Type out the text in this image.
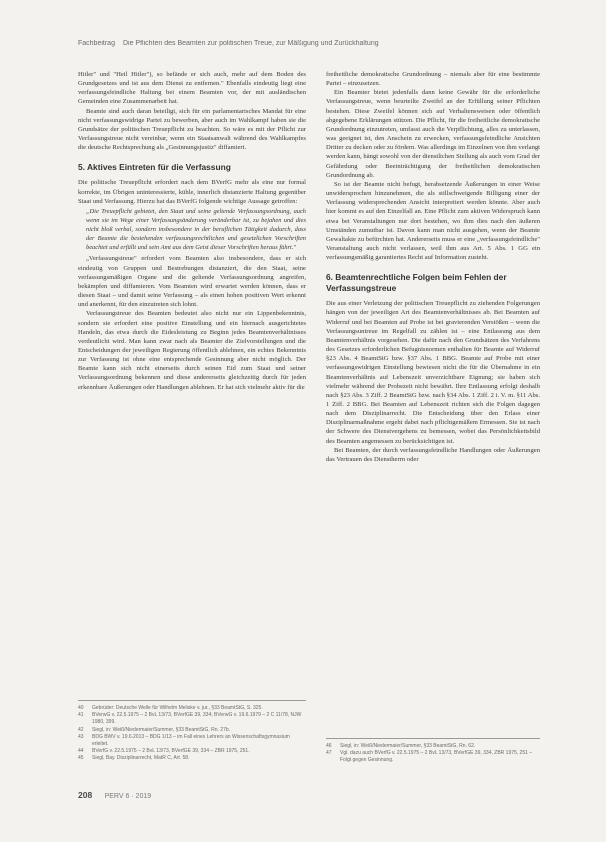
Fachbeitrag Die Pflichten des Beamten zur politischen Treue, zur Mäßigung und Zurückhaltung

Hitler" und "Heil Hitler"), so befände er sich auch, mehr auf dem Boden des Grundgesetzes und ist aus dem Dienst zu entfernen." Ebenfalls eindeutig liegt eine verfassungsfeindliche Haltung bei einem Beamten vor, der mit ausländischen Gemeinden eine Zusammenarbeit hat.

Beamte sind auch daran beteiligt, sich für ein parlamentarisches Mandat für eine nicht verfassungswidrige Partei zu bewerben, aber auch im Wahlkampf haben sie die Grundsätze der politischen Treuepflicht zu beachten. So wäre es mit der Pflicht zur Verfassungstreue nicht vereinbar, wenn ein Staatsanwalt während des Wahlkampfes die deutsche Rechtsprechung als „Gesinnungsjustiz" diffamiert.

5. Aktives Eintreten für die Verfassung

Die politische Treuepflicht erfordert nach dem BVerfG mehr als eine nur formal korrekte, im Übrigen uninteressierte, kühle, innerlich distanzierte Haltung gegenüber Staat und Verfassung. Hierzu hat das BVerfG folgende wichtige Aussage getroffen:

„Die Treuepflicht gebietet, den Staat und seine geltende Verfassungsordnung, auch wenn sie im Wege einer Verfassungsänderung veränderbar ist, zu bejahen und dies nicht bloß verbal, sondern insbesondere in der beruflichen Tätigkeit dadurch, dass der Beamte die bestehenden verfassungsrechtlichen und gesetzlichen Vorschriften beachtet und erfüllt und sein Amt aus dem Geist dieser Vorschriften heraus führt."

„Verfassungstreue" erfordert vom Beamten also insbesondere, dass er sich eindeutig von Gruppen und Bestrebungen distanziert, die den Staat, seine verfassungsmäßigen Organe und die geltende Verfassungsordnung angreifen, bekämpfen und diffamieren. Vom Beamten wird erwartet werden können, dass er diesen Staat – und damit seine Verfassung – als einen hohen positiven Wert erkennt und anerkennt, für den einzutreten sich lohnt.

Verfassungstreue des Beamten bedeutet also nicht nur ein Lippenbekenntnis, sondern sie erfordert eine positive Einstellung und ein hiernach ausgerichtetes Handeln, das etwa durch die Eidesleistung zu Beginn jedes Beamtenverhältnisses verdeutlicht wird. Man kann zwar nach als Beamter die Zielvorstellungen und die Entscheidungen der jeweiligen Regierung öffentlich ablehnen, ein echtes Bekenntnis zur Verfassung ist ohne eine entsprechende Gesinnung aber nicht möglich. Der Beamte kann sich nicht einerseits durch seinen Eid zum Staat und seiner Verfassungsordnung bekennen und diese andererseits gleichzeitig durch für jeden erkennbare Äußerungen oder Handlungen ablehnen. Er hat sich vielmehr aktiv für die

freiheitliche demokratische Grundordnung – niemals aber für eine bestimmte Partei – einzusetzen.

Ein Beamter bietet jedenfalls dann keine Gewähr für die erforderliche Verfassungstreue, wenn beurteilte Zweifel an der Erfüllung seiner Pflichten bestehen. Diese Zweifel können sich auf Verhaltensweisen oder öffentlich abgegebene Erklärungen stützen. Die Pflicht, für die freiheitliche demokratische Grundordnung einzutreten, umfasst auch die Verpflichtung, alles zu unterlassen, was geeignet ist, den Anschein zu erwecken, verfassungsfeindliche Ansichten Dritter zu decken oder zu fördern. Was allerdings im Einzelnen von ihm verlangt werden kann, hängt sowohl von der dienstlichen Stellung als auch vom Grad der Gefährdung oder Beeinträchtigung der freiheitlichen demokratischen Grundordnung ab.

So ist der Beamte nicht befugt, herabsetzende Äußerungen in einer Weise unwidersprochen hinzunehmen, die als stillschweigende Billigung einer der Verfassung widersprechenden Ansicht interpretiert werden könnte. Aber auch hier kommt es auf den Einzelfall an. Eine Pflicht zum aktiven Widerspruch kann etwa bei Veranstaltungen nur dort bestehen, wo ihm dies nach den äußeren Umständen zumutbar ist. Davon kann man nicht ausgehen, wenn der Beamte Gewaltakte zu befürchten hat. Andererseits muss er eine „verfassungsfeindliche" Veranstaltung auch nicht verlassen, weil ihm aus Art. 5 Abs. 1 GG ein verfassungsmäßig garantiertes Recht auf Information zusteht.

6. Beamtenrechtliche Folgen beim Fehlen der Verfassungstreue

Die aus einer Verletzung der politischen Treuepflicht zu ziehenden Folgerungen hängen von der jeweiligen Art des Beamtenverhältnisses ab. Bei Beamten auf Widerruf und bei Beamten auf Probe ist bei gravierenden Verstößen – wenn die Verfassungsuntreue im Regelfall zu zählen ist – eine Entlassung aus dem Beamtenverhältnis vorgesehen. Die dafür nach den Grundsätzen des Verfahrens des Gesetzes erforderlichen Befugnisnormen enthalten für Beamte auf Widerruf §23 Abs. 4 BeamtStG bzw. §37 Abs. 1 BBG. Beamte auf Probe mit einer verfassungswidrigen Einstellung bewiesen nicht die für die Übernahme in ein Beamtenverhältnis auf Lebenszeit unverzichtbare Eignung; sie haben sich vielmehr während der Probezeit nicht bewährt. Ihre Entlassung erfolgt deshalb nach §23 Abs. 3 Ziff. 2 BeamtStG bzw. nach §34 Abs. 1 Ziff. 2 i. V. m. §11 Abs. 1 Ziff. 2 BBG. Bei Beamten auf Lebenszeit richten sich die Folgen dagegen nach dem Disziplinarrecht. Die Entscheidung über den Erlass einer Disziplinarmaßnahme ergeht dabei nach pflichtgemäßem Ermessen. Sie ist nach der Schwere des Dienstvergehens zu bemessen, wobei das Persönlichkeitsbild des Beamten angemessen zu berücksichtigen ist.

Bei Beamten, der durch verfassungsfeindliche Handlungen oder Äußerungen das Vertrauen des Dienstherrn oder

40	Gebrüder: Deutsche Welle für Wilhelm Meliske v. jur., §33 BeamtStG, S. 325.
41	BVerwG v. 22.5.1975 – 2 BvL 13/73, BVerfGE 39, 334; BVerwG v. 19.6.1979 – 2 C 11/78, NJW 1980, 399.
42	Siegl, in: Weiß/Niedermaier/Summer, §33 BeamtStG, Rn. 27b.
43	BDG BWV v. 19.6.2013 – BDG 1/13 – im Fall eines Lehrers an Wissenschaftsgymnasium erleitet.
44	BVerfG v. 22.5.1975 – 2 BvL 13/73, BVerfGE 39, 334 – ZBR 1975, 251.
45	Siegl, Bay. Disziplinarrecht, MatR C, Art. 58.
46	Siegl, in: Weiß/Niedermaier/Summer, §33 BeamtStG, Rn. 62.
47	Vgl. dazu auch BVerfG v. 22.5.1975 – 2 BvL 13/73, BVerfGE 39, 334, ZBR 1975, 251 – Folgt gegen Gesinnung.
208 PERV 6 · 2019
